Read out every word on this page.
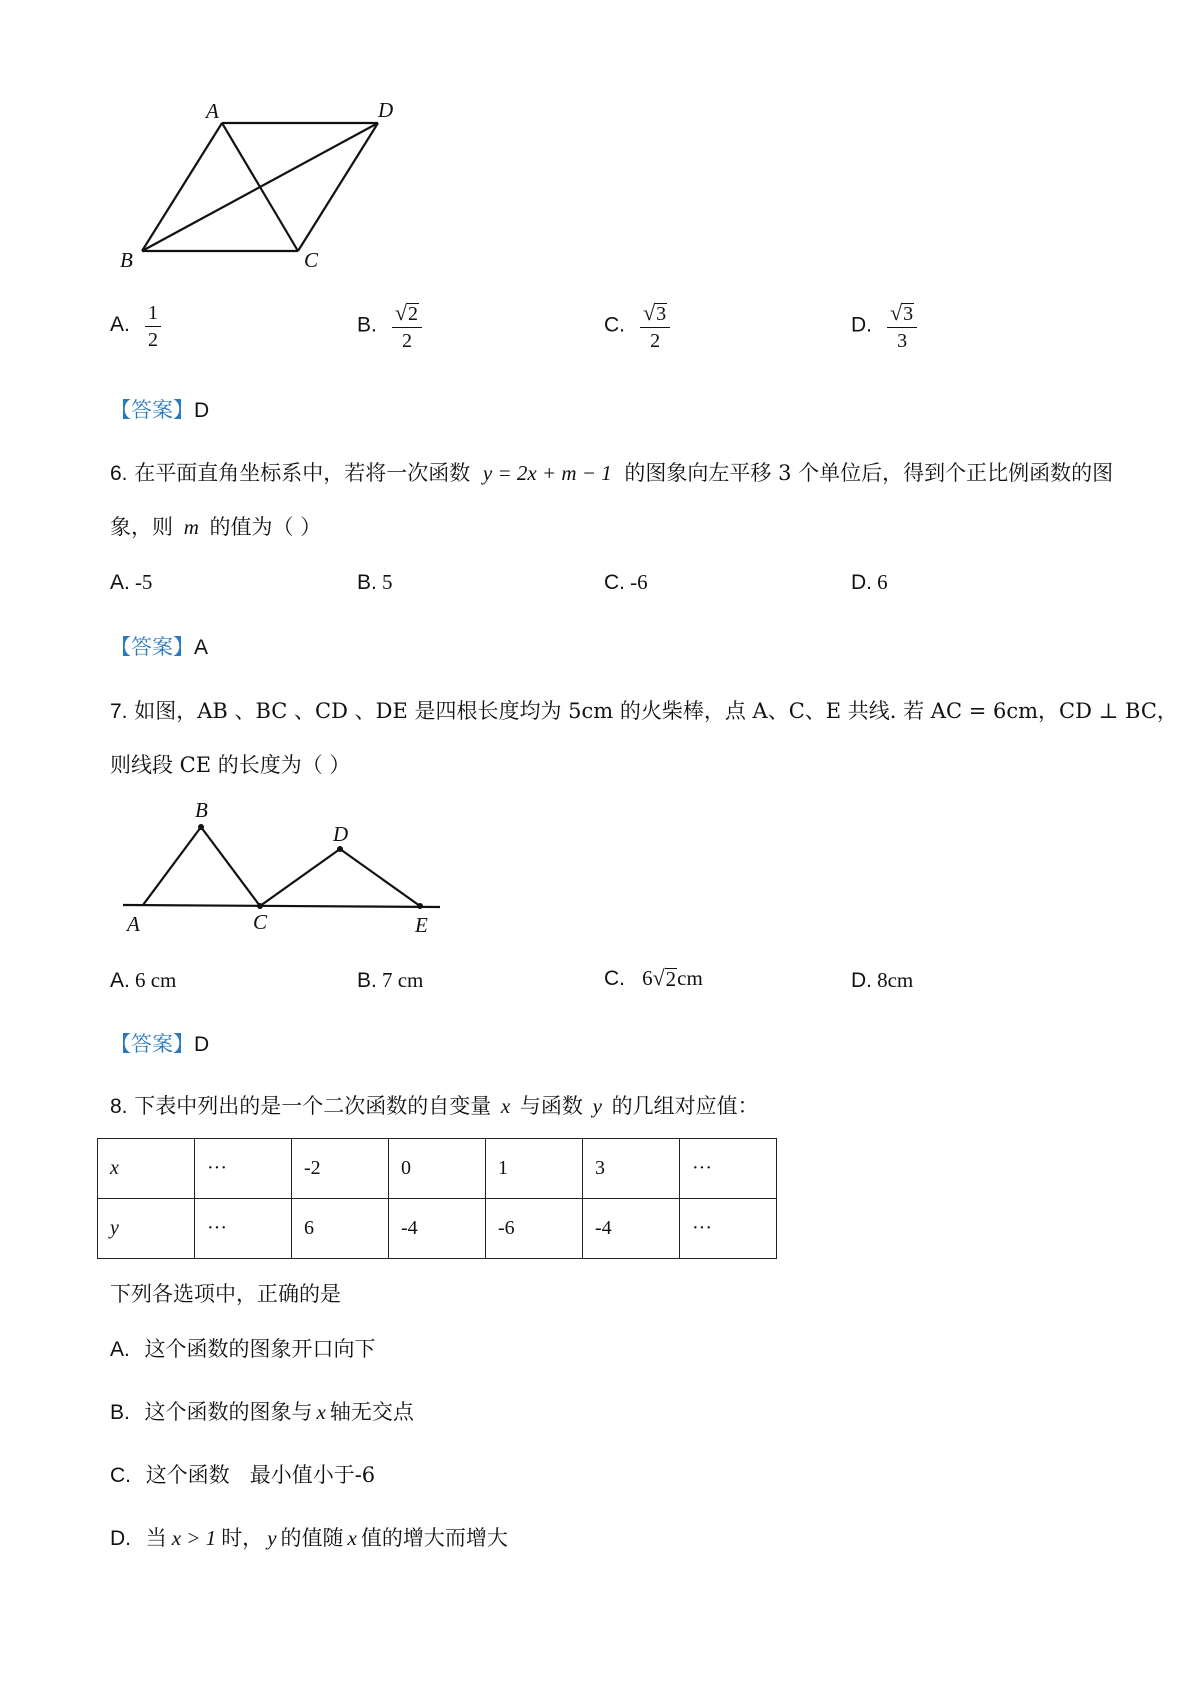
A	D
B	C
A. $\frac{1}{2}$	B. $\frac{√ 2}{2}$	C. $\frac{√ 3}{2}$	D. $\frac{√ 3}{3}$
【答案】D
6. 在平面直角坐标系中，若将一次函数 y = 2x + m − 1 的图象向左平移 3 个单位后，得到个正比例函数的图
象，则 m 的值为（ ）
A. -5	B. 5	C. -6	D. 6
【答案】A
7. 如图，AB 、BC 、CD 、DE 是四根长度均为 5cm 的火柴棒，点 A、C、E 共线. 若 AC = 6cm，CD ⊥ BC，
则线段 CE 的长度为（ ）
B
D
A	C	E
A. 6 cm	B. 7 cm	C. 6 √ 2 cm	D. 8cm
【答案】D
8. 下表中列出的是一个二次函数的自变量 x 与函数 y 的几组对应值：
x	···	-2	0	1	3	···
y	···	6	-4	-6	-4	···
下列各选项中，正确的是
A. 这个函数的图象开口向下
B. 这个函数的图象与 x 轴无交点
C. 这个函数   最小值小于-6
D. 当 x > 1 时， y 的值随 x 值的增大而增大
